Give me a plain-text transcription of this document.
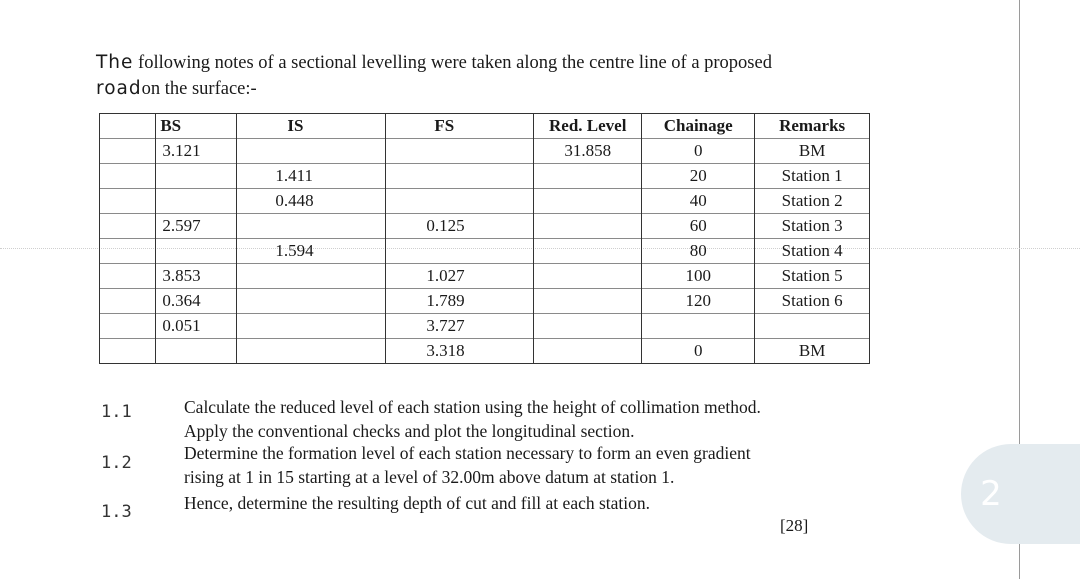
The following notes of a sectional levelling were taken along the centre line of a proposed
roadon the surface:-
	BS	IS	FS	Red. Level	Chainage	Remarks
	3.121			31.858	0	BM
		1.411			20	Station 1
		0.448			40	Station 2
	2.597		0.125		60	Station 3
		1.594			80	Station 4
	3.853		1.027		100	Station 5
	0.364		1.789		120	Station 6
	0.051		3.727			
			3.318		0	BM
1.1	Calculate the reduced level of each station using the height of collimation method.
Apply the conventional checks and plot the longitudinal section.
1.2	Determine the formation level of each station necessary to form an even gradient
rising at 1 in 15 starting at a level of 32.00m above datum at station 1.
1.3	Hence, determine the resulting depth of cut and fill at each station.
[28]
2
